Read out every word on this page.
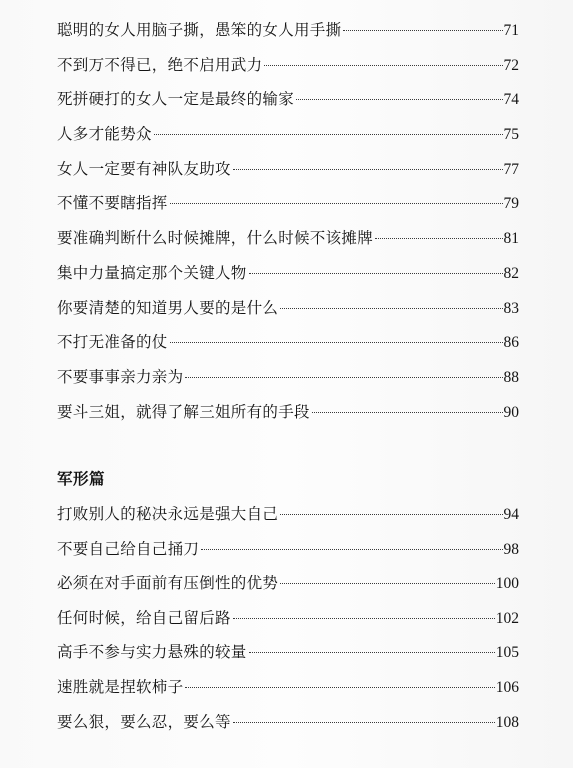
聪明的女人用脑子撕，愚笨的女人用手撕	71
不到万不得已，绝不启用武力	72
死拼硬打的女人一定是最终的输家	74
人多才能势众	75
女人一定要有神队友助攻	77
不懂不要瞎指挥	79
要准确判断什么时候摊牌，什么时候不该摊牌	81
集中力量搞定那个关键人物	82
你要清楚的知道男人要的是什么	83
不打无准备的仗	86
不要事事亲力亲为	88
要斗三姐，就得了解三姐所有的手段	90
军形篇
打败别人的秘决永远是强大自己	94
不要自己给自己捅刀	98
必须在对手面前有压倒性的优势	100
任何时候，给自己留后路	102
高手不参与实力悬殊的较量	105
速胜就是捏软柿子	106
要么狠，要么忍，要么等	108
